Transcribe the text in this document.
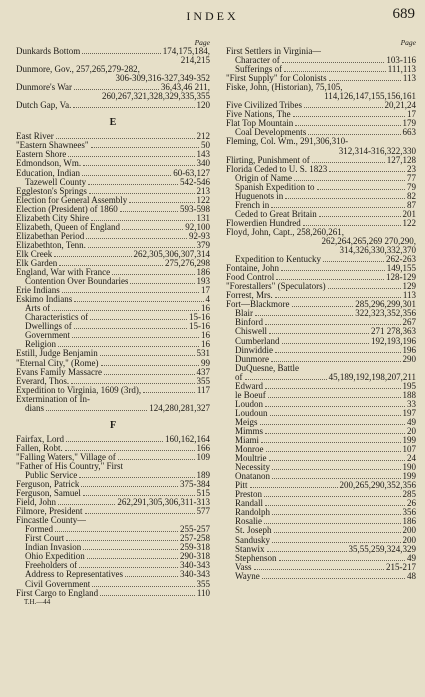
INDEX	689
Page
Dunkards Bottom	174,175,184,
214,215
Dunmore, Gov., 257,265,279-282,
306-309,316-327,349-352
Dunmore's War	36,43,46 211,
260,267,321,328,329,335,355
Dutch Gap, Va.	120
E
East River	212
"Eastern Shawnees"	50
Eastern Shore	143
Edmondson, Wm.	340
Education, Indian	60-63,127
Tazewell County	542-546
Eggleston's Springs	213
Election for General Assembly	122
Election (President) of 1860	593-598
Elizabeth City Shire	131
Elizabeth, Queen of England	92,100
Elizabethan Period	92-93
Elizabethton, Tenn.	379
Elk Creek	262,305,306,307,314
Elk Garden	275,276,298
England, War with France	186
Contention Over Boundaries	193
Erie Indians	17
Eskimo Indians	4
Arts of	16
Characteristics of	15-16
Dwellings of	15-16
Government	16
Religion	16
Estill, Judge Benjamin	531
"Eternal City," (Rome)	99
Evans Family Massacre	437
Everard, Thos.	355
Expedition to Virginia, 1609 (3rd),	117
Extermination of In-
dians	124,280,281,327
F
Fairfax, Lord	160,162,164
Fallen, Robt.	166
"Falling Waters," Village of	109
"Father of His Country," First
Public Service	189
Ferguson, Patrick	375-384
Ferguson, Samuel	515
Field, John	262,291,305,306,311-313
Filmore, President	577
Fincastle County—
Formed	255-257
First Court	257-258
Indian Invasion	259-318
Ohio Expedition	290-318
Freeholders of	340-343
Address to Representatives	340-343
Civil Government	355
First Cargo to England	110
T.H.—44
Page
First Settlers in Virginia—
Character of	103-116
Sufferings of	111,113
"First Supply" for Colonists	113
Fiske, John, (Historian), 75,105,
114,126,147,155,156,161
Five Civilized Tribes	20,21,24
Five Nations, The	17
Flat Top Mountain	179
Coal Developments	663
Fleming, Col. Wm., 291,306,310-
312,314-316,322,330
Flirting, Punishment of	127,128
Florida Ceded to U. S. 1823	23
Origin of Name	77
Spanish Expedition to	79
Huguenots in	82
French in	87
Ceded to Great Britain	201
Flowerdien Hundred	122
Floyd, John, Capt., 258,260,261,
262,264,265,269 270,290,
314,326,330,332,370
Expedition to Kentucky	262-263
Fontaine, John	149,155
Food Control	128-129
"Forestallers" (Speculators)	129
Forrest, Mrs.	113
Fort—Blackmore	285,296,299,301
Blair	322,323,352,356
Binford	267
Chiswell	271 278,363
Cumberland	192,193,196
Dinwiddie	196
Dunmore	290
DuQuesne, Battle
of	45,189,192,198,207,211
Edward	195
le Boeuf	188
Loudon	33
Loudoun	197
Meigs	49
Mimms	20
Miami	199
Monroe	107
Moultrie	24
Necessity	190
Onatanon	199
Pitt	200,265,290,352,356
Preston	285
Randall	26
Randolph	356
Rosalie	186
St. Joseph	200
Sandusky	200
Stanwix	35,55,259,324,329
Stephenson	49
Vass	215-217
Wayne	48
